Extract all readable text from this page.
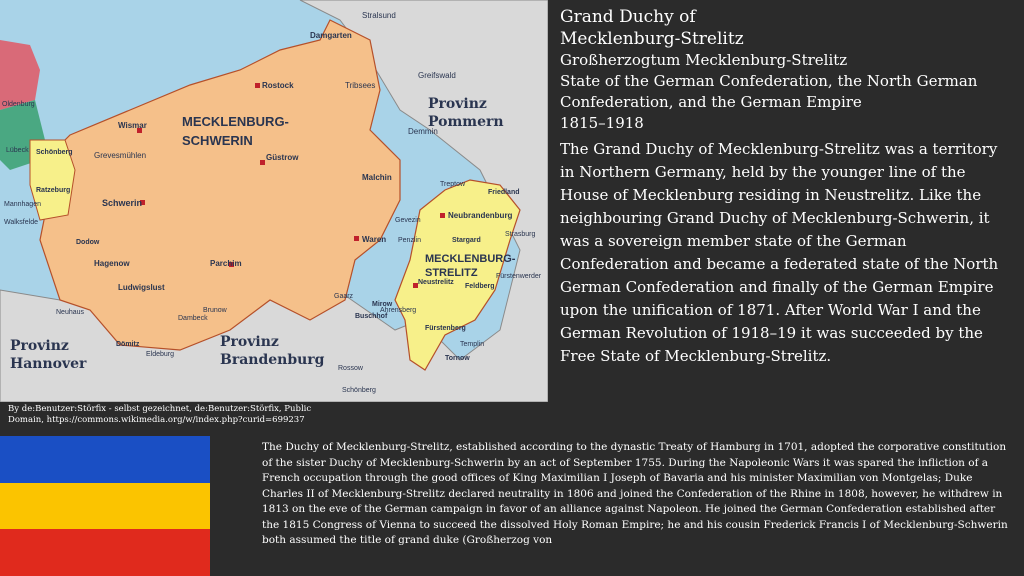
Stralsund
Damgarten
Rostock
Greifswald
Tribsees
Provinz
Pommern
Demmin
Oldenburg
Lübeck Schönberg
Wismar
Grevesmühlen
MECKLENBURG-
SCHWERIN
Güstrow
Malchin
Treptow
Friedland
Ratzeburg
Mannhagen
Walksfelde
Schwerin
Gevezin
Neubrandenburg
Strasburg
Dodow	Waren Penzlin	Stargard
MECKLENBURG-
STRELITZ
Hagenow	Parchim
Neustrelitz
Feldberg
Fürstenwerder
Ludwigslust
Gaarz
Mirow
Ahrensberg
Neuhaus	Brunow
Dambeck	Buschhof
Fürstenberg
Provinz
Hannover
Dömitz
Eldeburg
Provinz
Brandenburg
Templin
Tornow
Rossow
Schönberg
By de:Benutzer:Störfix - selbst gezeichnet, de:Benutzer:Störfix, Public Domain, https://commons.wikimedia.org/w/index.php?curid=699237
Grand Duchy of
Mecklenburg-Strelitz
Großherzogtum Mecklenburg-Strelitz
State of the German Confederation, the North German Confederation, and the German Empire
1815–1918
The Grand Duchy of Mecklenburg-Strelitz was a territory in Northern Germany, held by the younger line of the House of Mecklenburg residing in Neustrelitz. Like the neighbouring Grand Duchy of Mecklenburg-Schwerin, it was a sovereign member state of the German Confederation and became a federated state of the North German Confederation and finally of the German Empire upon the unification of 1871. After World War I and the German Revolution of 1918–19 it was succeeded by the Free State of Mecklenburg-Strelitz.
The Duchy of Mecklenburg-Strelitz, established according to the dynastic Treaty of Hamburg in 1701, adopted the corporative constitution of the sister Duchy of Mecklenburg-Schwerin by an act of September 1755. During the Napoleonic Wars it was spared the infliction of a French occupation through the good offices of King Maximilian I Joseph of Bavaria and his minister Maximilian von Montgelas; Duke Charles II of Mecklenburg-Strelitz declared neutrality in 1806 and joined the Confederation of the Rhine in 1808, however, he withdrew in 1813 on the eve of the German campaign in favor of an alliance against Napoleon. He joined the German Confederation established after the 1815 Congress of Vienna to succeed the dissolved Holy Roman Empire; he and his cousin Frederick Francis I of Mecklenburg-Schwerin both assumed the title of grand duke (Großherzog von
